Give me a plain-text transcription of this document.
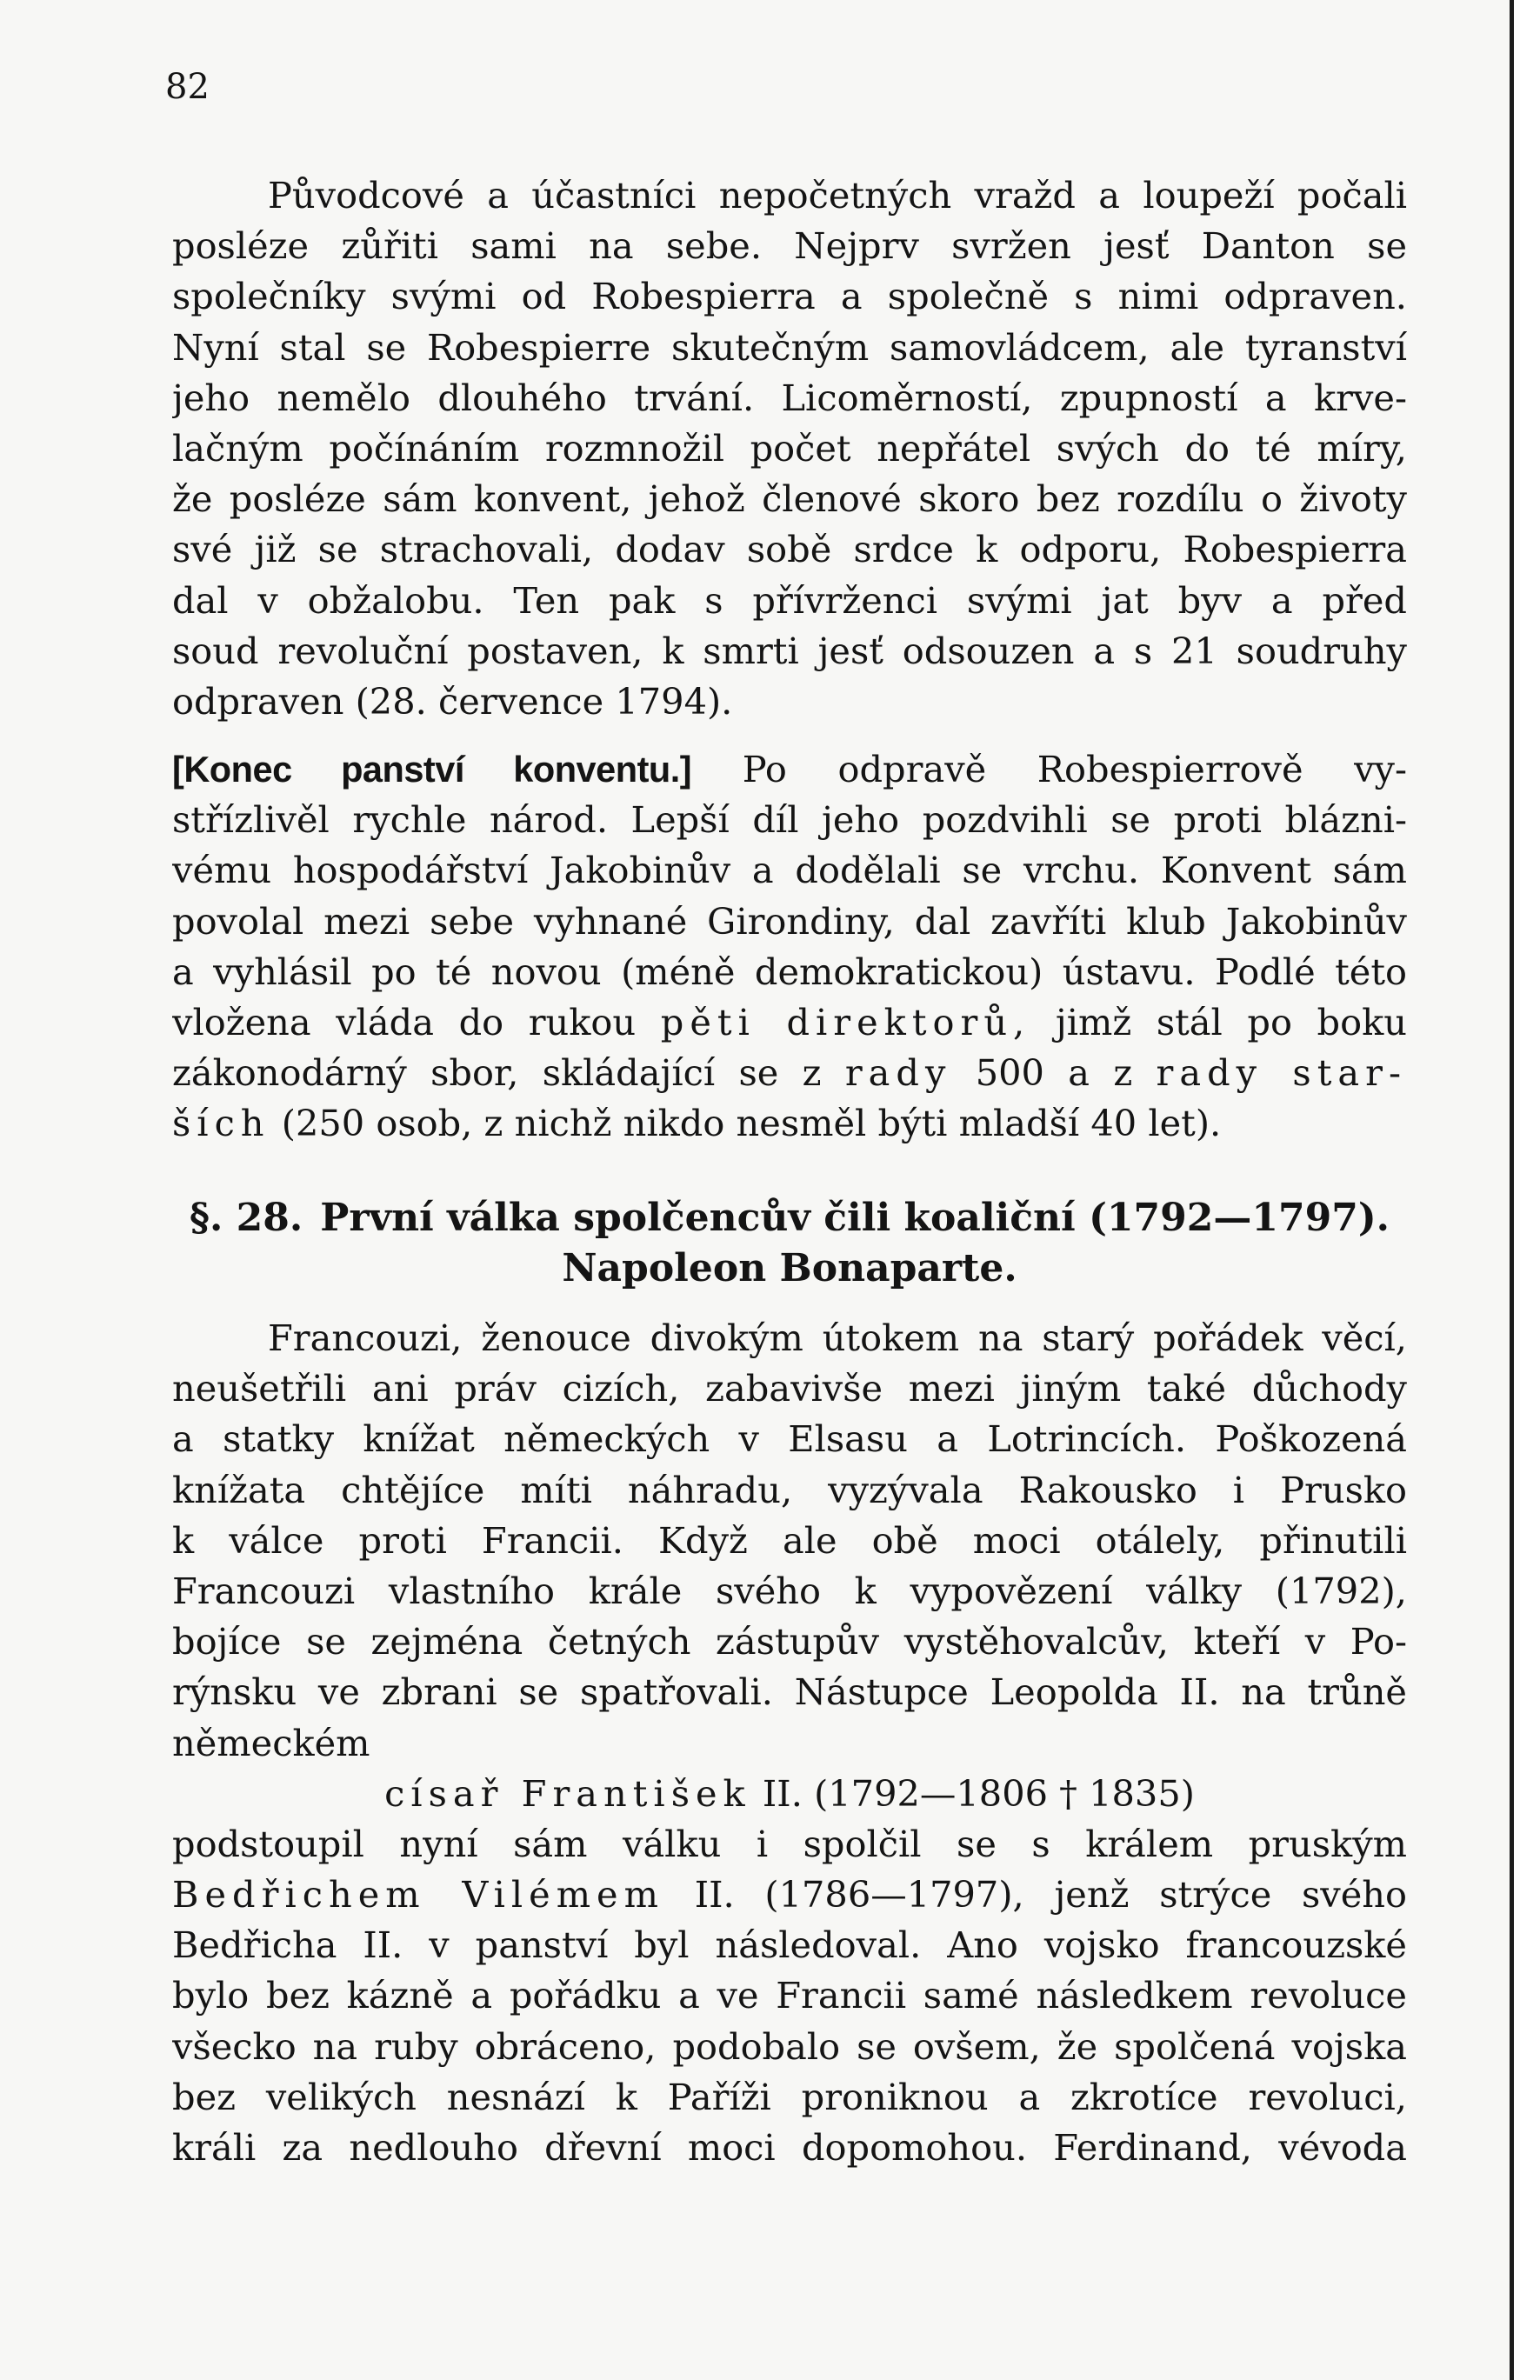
82

Původcové a účastníci nepočetných vražd a loupeží počali
posléze zůřiti sami na sebe. Nejprv svržen jesť Danton se
společníky svými od Robespierra a společně s nimi odpraven.
Nyní stal se Robespierre skutečným samovládcem, ale tyranství
jeho nemělo dlouhého trvání. Licoměrností, zpupností a krve-
lačným počínáním rozmnožil počet nepřátel svých do té míry,
že posléze sám konvent, jehož členové skoro bez rozdílu o životy
své již se strachovali, dodav sobě srdce k odporu, Robespierra
dal v obžalobu. Ten pak s přívrženci svými jat byv a před
soud revoluční postaven, k smrti jesť odsouzen a s 21 soudruhy
odpraven (28. července 1794).

[Konec panství konventu.] Po odpravě Robespierrově vy-
střízlivěl rychle národ. Lepší díl jeho pozdvihli se proti blázni-
vému hospodářství Jakobinův a dodělali se vrchu. Konvent sám
povolal mezi sebe vyhnané Girondiny, dal zavříti klub Jakobinův
a vyhlásil po té novou (méně demokratickou) ústavu. Podlé této
vložena vláda do rukou pěti direktorů, jimž stál po boku
zákonodárný sbor, skládající se z rady 500 a z rady star-
ších (250 osob, z nichž nikdo nesměl býti mladší 40 let).

§. 28. První válka spolčencův čili koaliční (1792—1797).
Napoleon Bonaparte.

Francouzi, ženouce divokým útokem na starý pořádek věcí,
neušetřili ani práv cizích, zabavivše mezi jiným také důchody
a statky knížat německých v Elsasu a Lotrincích. Poškozená
knížata chtějíce míti náhradu, vyzývala Rakousko i Prusko
k válce proti Francii. Když ale obě moci otálely, přinutili
Francouzi vlastního krále svého k vypovězení války (1792),
bojíce se zejména četných zástupův vystěhovalcův, kteří v Po-
rýnsku ve zbrani se spatřovali. Nástupce Leopolda II. na trůně
německém

císař František II. (1792—1806 † 1835)

podstoupil nyní sám válku i spolčil se s králem pruským
Bedřichem Vilémem II. (1786—1797), jenž strýce svého
Bedřicha II. v panství byl následoval. Ano vojsko francouzské
bylo bez kázně a pořádku a ve Francii samé následkem revoluce
všecko na ruby obráceno, podobalo se ovšem, že spolčená vojska
bez velikých nesnází k Paříži proniknou a zkrotíce revoluci,
králi za nedlouho dřevní moci dopomohou. Ferdinand, vévoda
